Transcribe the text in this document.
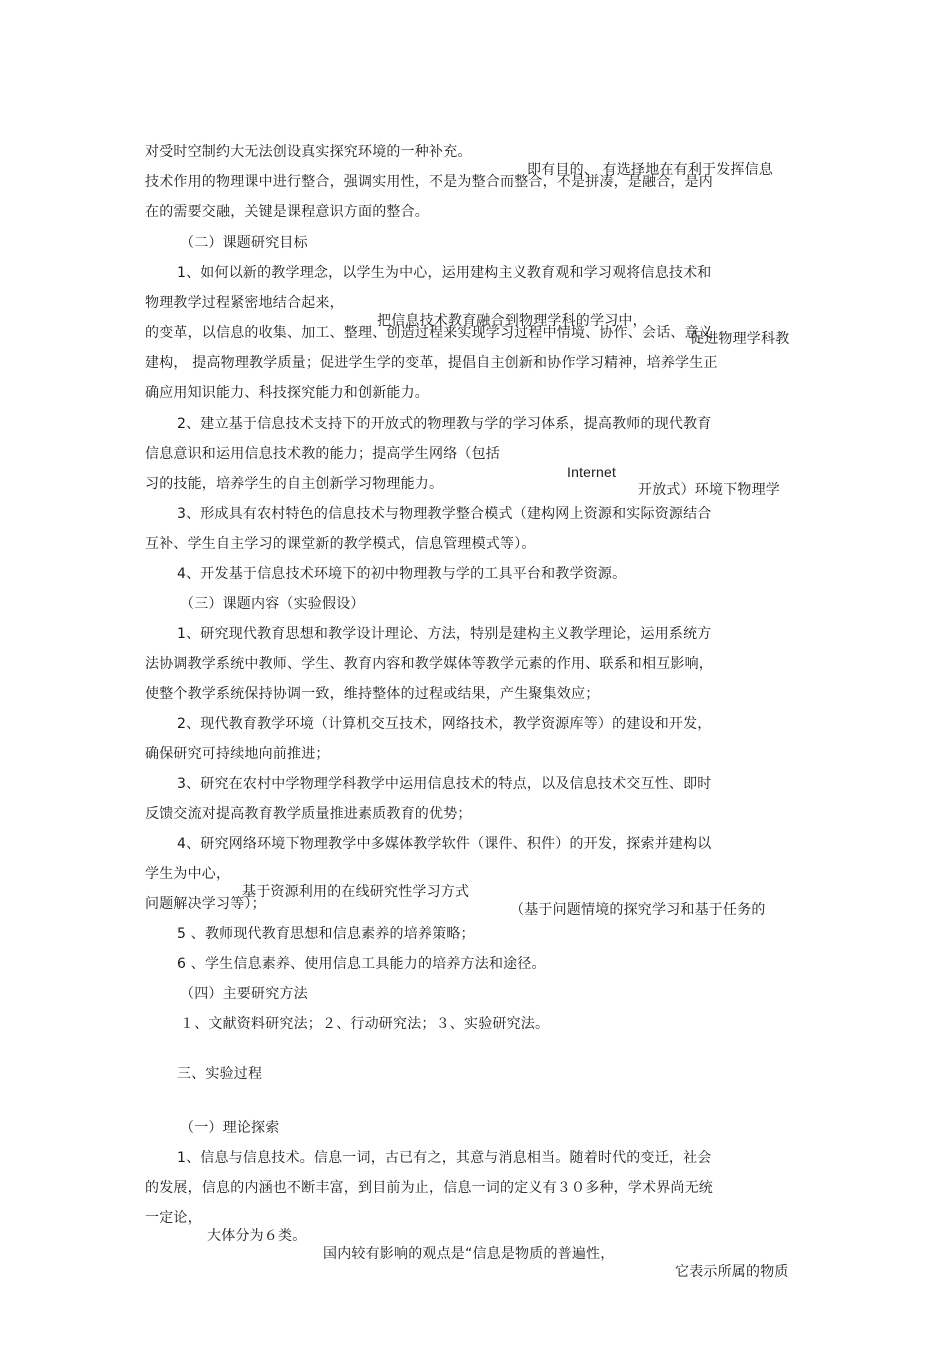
对受时空制约大无法创设真实探究环境的一种补充。

即有目的、 有选择地在有利于发挥信息

技术作用的物理课中进行整合，强调实用性，不是为整合而整合，不是拼凑，是融合，是内

在的需要交融，关键是课程意识方面的整合。

（二）课题研究目标

1、如何以新的教学理念，以学生为中心，运用建构主义教育观和学习观将信息技术和

物理教学过程紧密地结合起来，

把信息技术教育融合到物理学科的学习中，

促进物理学科教

的变革，以信息的收集、加工、整理、创造过程来实现学习过程中情境、协作、会话、意义

建构， 提高物理教学质量；促进学生学的变革，提倡自主创新和协作学习精神，培养学生正

确应用知识能力、科技探究能力和创新能力。

2、建立基于信息技术支持下的开放式的物理教与学的学习体系，提高教师的现代教育

信息意识和运用信息技术教的能力；提高学生网络（包括

Internet

开放式）环境下物理学

习的技能，培养学生的自主创新学习物理能力。

3、形成具有农村特色的信息技术与物理教学整合模式（建构网上资源和实际资源结合

互补、学生自主学习的课堂新的教学模式，信息管理模式等）。

4、开发基于信息技术环境下的初中物理教与学的工具平台和教学资源。

（三）课题内容（实验假设）

1、研究现代教育思想和教学设计理论、方法，特别是建构主义教学理论，运用系统方

法协调教学系统中教师、学生、教育内容和教学媒体等教学元素的作用、联系和相互影响，

使整个教学系统保持协调一致，维持整体的过程或结果，产生聚集效应；

2、现代教育教学环境（计算机交互技术，网络技术，教学资源库等）的建设和开发，

确保研究可持续地向前推进；

3、研究在农村中学物理学科教学中运用信息技术的特点，以及信息技术交互性、即时

反馈交流对提高教育教学质量推进素质教育的优势；

4、研究网络环境下物理教学中多媒体教学软件（课件、积件）的开发，探索并建构以

学生为中心，

基于资源利用的在线研究性学习方式

（基于问题情境的探究学习和基于任务的

问题解决学习等）；

5 、教师现代教育思想和信息素养的培养策略；

6 、学生信息素养、使用信息工具能力的培养方法和途径。

（四）主要研究方法

１、文献资料研究法；２、行动研究法；３、实验研究法。

三、实验过程

（一）理论探索

1、信息与信息技术。信息一词，古已有之，其意与消息相当。随着时代的变迁，社会

的发展，信息的内涵也不断丰富，到目前为止，信息一词的定义有３０多种，学术界尚无统

一定论，

大体分为６类。

国内较有影响的观点是“信息是物质的普遍性，

它表示所属的物质
